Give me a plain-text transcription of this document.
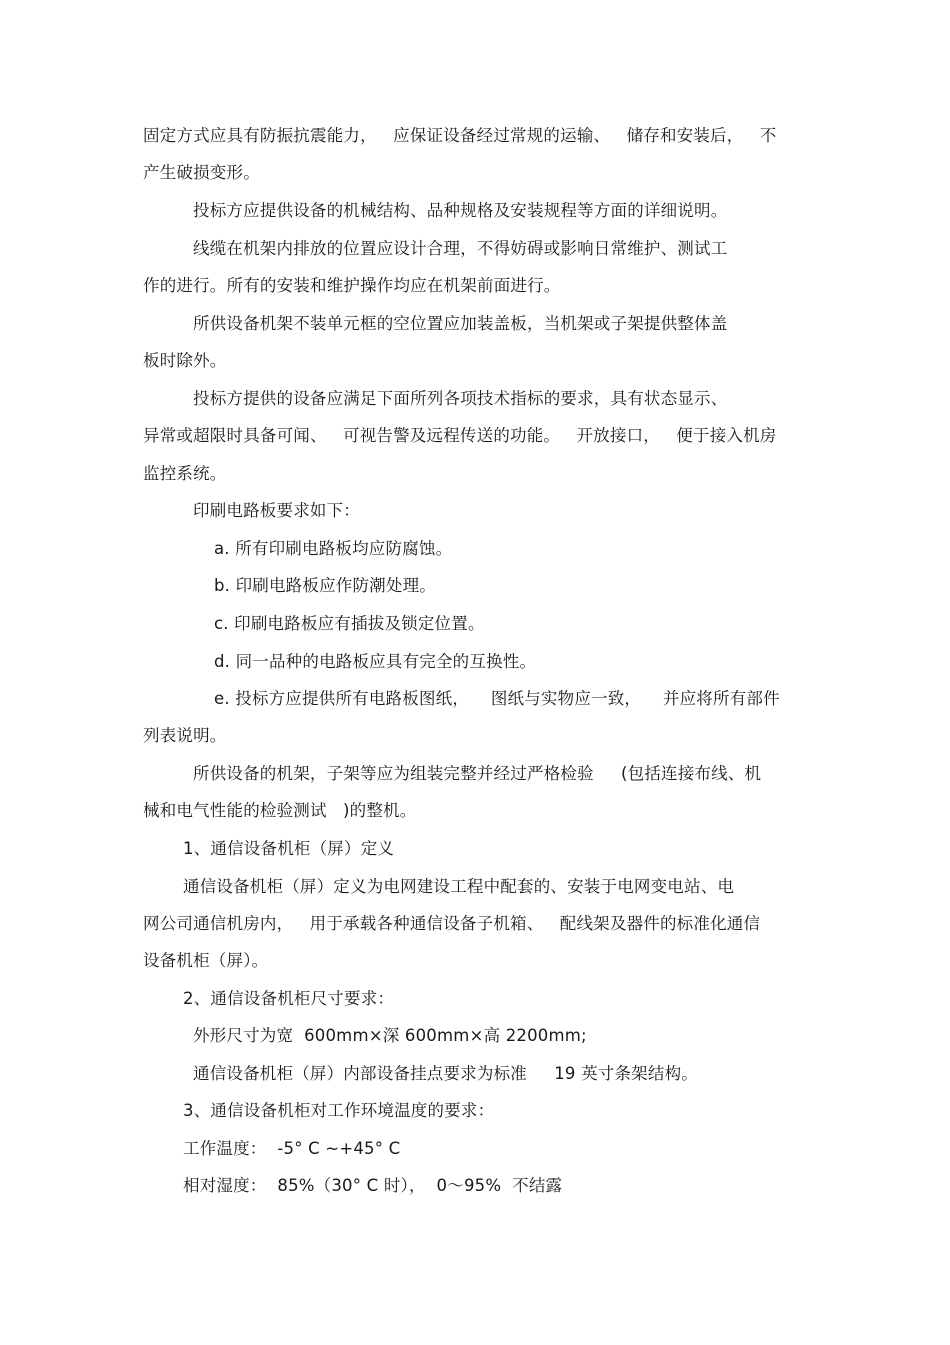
固定方式应具有防振抗震能力，   应保证设备经过常规的运输、   储存和安装后，   不
产生破损变形。
投标方应提供设备的机械结构、品种规格及安装规程等方面的详细说明。
线缆在机架内排放的位置应设计合理，不得妨碍或影响日常维护、测试工
作的进行。所有的安装和维护操作均应在机架前面进行。
所供设备机架不装单元框的空位置应加装盖板，当机架或子架提供整体盖
板时除外。
投标方提供的设备应满足下面所列各项技术指标的要求，具有状态显示、
异常或超限时具备可闻、   可视告警及远程传送的功能。   开放接口，   便于接入机房
监控系统。
印刷电路板要求如下：
a. 所有印刷电路板均应防腐蚀。
b. 印刷电路板应作防潮处理。
c. 印刷电路板应有插拔及锁定位置。
d. 同一品种的电路板应具有完全的互换性。
e. 投标方应提供所有电路板图纸，    图纸与实物应一致，    并应将所有部件
列表说明。
所供设备的机架，子架等应为组装完整并经过严格检验     (包括连接布线、机
械和电气性能的检验测试   )的整机。
1、通信设备机柜（屏）定义
通信设备机柜（屏）定义为电网建设工程中配套的、安装于电网变电站、电
网公司通信机房内，   用于承载各种通信设备子机箱、   配线架及器件的标准化通信
设备机柜（屏）。
2、通信设备机柜尺寸要求：
外形尺寸为宽  600mm×深 600mm×高 2200mm;
通信设备机柜（屏）内部设备挂点要求为标准     19 英寸条架结构。
3、通信设备机柜对工作环境温度的要求：
工作温度：  -5° C ~+45° C
相对湿度：  85%（30° C 时），  0～95%  不结露
